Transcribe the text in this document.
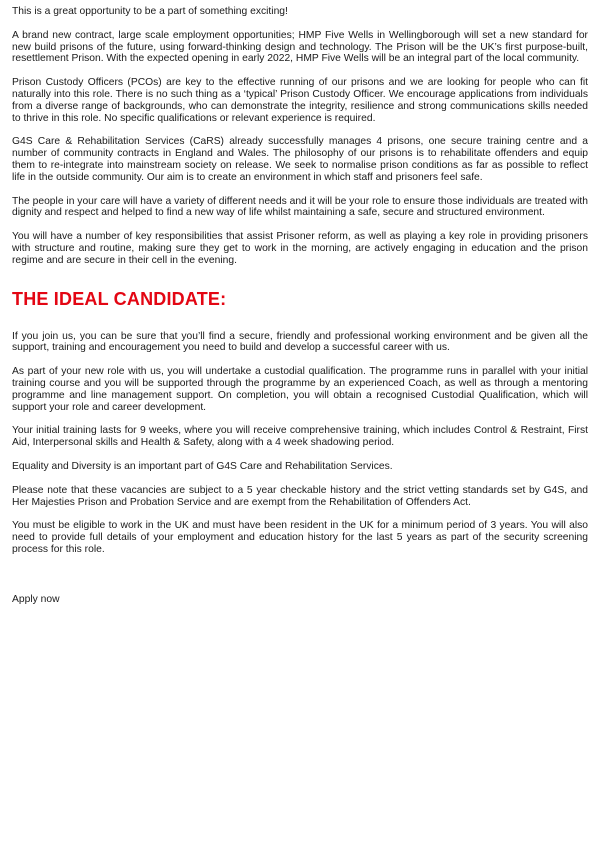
This is a great opportunity to be a part of something exciting!

A brand new contract, large scale employment opportunities; HMP Five Wells in Wellingborough will set a new standard for new build prisons of the future, using forward-thinking design and technology. The Prison will be the UK’s first purpose-built, resettlement Prison. With the expected opening in early 2022, HMP Five Wells will be an integral part of the local community.

Prison Custody Officers (PCOs) are key to the effective running of our prisons and we are looking for people who can fit naturally into this role. There is no such thing as a ‘typical’ Prison Custody Officer. We encourage applications from individuals from a diverse range of backgrounds, who can demonstrate the integrity, resilience and strong communications skills needed to thrive in this role. No specific qualifications or relevant experience is required.

G4S Care & Rehabilitation Services (CaRS) already successfully manages 4 prisons, one secure training centre and a number of community contracts in England and Wales. The philosophy of our prisons is to rehabilitate offenders and equip them to re-integrate into mainstream society on release. We seek to normalise prison conditions as far as possible to reflect life in the outside community. Our aim is to create an environment in which staff and prisoners feel safe.

The people in your care will have a variety of different needs and it will be your role to ensure those individuals are treated with dignity and respect and helped to find a new way of life whilst maintaining a safe, secure and structured environment.

You will have a number of key responsibilities that assist Prisoner reform, as well as playing a key role in providing prisoners with structure and routine, making sure they get to work in the morning, are actively engaging in education and the prison regime and are secure in their cell in the evening.

THE IDEAL CANDIDATE:

If you join us, you can be sure that you’ll find a secure, friendly and professional working environment and be given all the support, training and encouragement you need to build and develop a successful career with us.

As part of your new role with us, you will undertake a custodial qualification. The programme runs in parallel with your initial training course and you will be supported through the programme by an experienced Coach, as well as through a mentoring programme and line management support. On completion, you will obtain a recognised Custodial Qualification, which will support your role and career development.

Your initial training lasts for 9 weeks, where you will receive comprehensive training, which includes Control & Restraint, First Aid, Interpersonal skills and Health & Safety, along with a 4 week shadowing period.

Equality and Diversity is an important part of G4S Care and Rehabilitation Services.

Please note that these vacancies are subject to a 5 year checkable history and the strict vetting standards set by G4S, and Her Majesties Prison and Probation Service and are exempt from the Rehabilitation of Offenders Act.

You must be eligible to work in the UK and must have been resident in the UK for a minimum period of 3 years. You will also need to provide full details of your employment and education history for the last 5 years as part of the security screening process for this role.

Apply now
